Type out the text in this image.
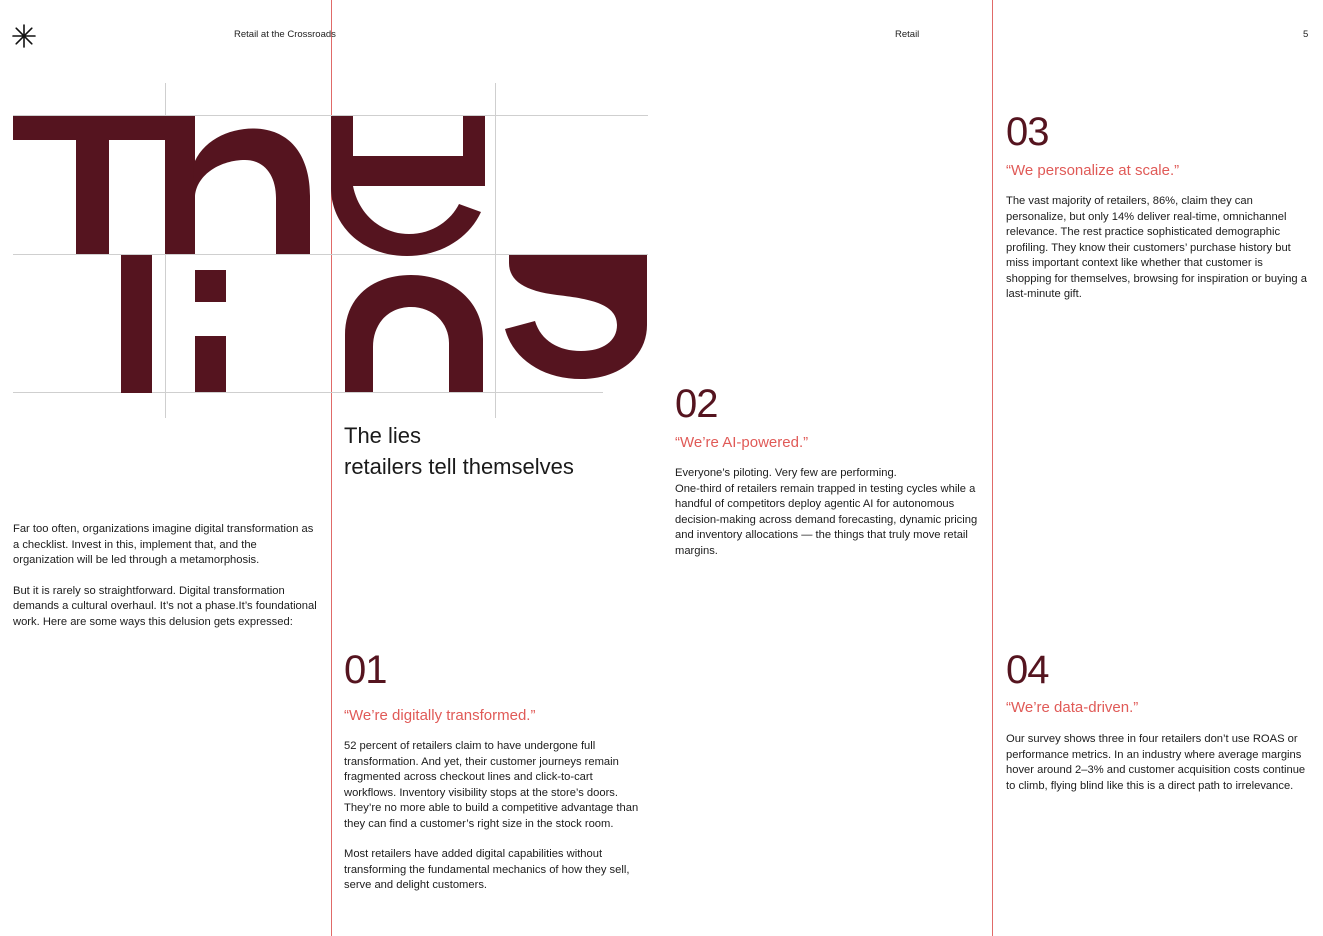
Retail at the Crossroads	Retail	5
The lies
retailers tell themselves

Far too often, organizations imagine digital transformation as a checklist. Invest in this, implement that, and the organization will be led through a metamorphosis.

But it is rarely so straightforward. Digital transformation demands a cultural overhaul. It’s not a phase.It’s foundational work. Here are some ways this delusion gets expressed:

01
“We’re digitally transformed.”

52 percent of retailers claim to have undergone full transformation. And yet, their customer journeys remain fragmented across checkout lines and click-to-cart workflows. Inventory visibility stops at the store’s doors. They’re no more able to build a competitive advantage than they can find a customer’s right size in the stock room.

Most retailers have added digital capabilities without transforming the fundamental mechanics of how they sell, serve and delight customers.

02
“We’re AI-powered.”
Everyone’s piloting. Very few are performing.
One-third of retailers remain trapped in testing cycles while a handful of competitors deploy agentic AI for autonomous decision-making across demand forecasting, dynamic pricing and inventory allocations — the things that truly move retail margins.
03
“We personalize at scale.”

The vast majority of retailers, 86%, claim they can personalize, but only 14% deliver real-time, omnichannel relevance. The rest practice sophisticated demographic profiling. They know their customers’ purchase history but miss important context like whether that customer is shopping for themselves, browsing for inspiration or buying a last-minute gift.

04
“We’re data-driven.”

Our survey shows three in four retailers don’t use ROAS or performance metrics. In an industry where average margins hover around 2–3% and customer acquisition costs continue to climb, flying blind like this is a direct path to irrelevance.
